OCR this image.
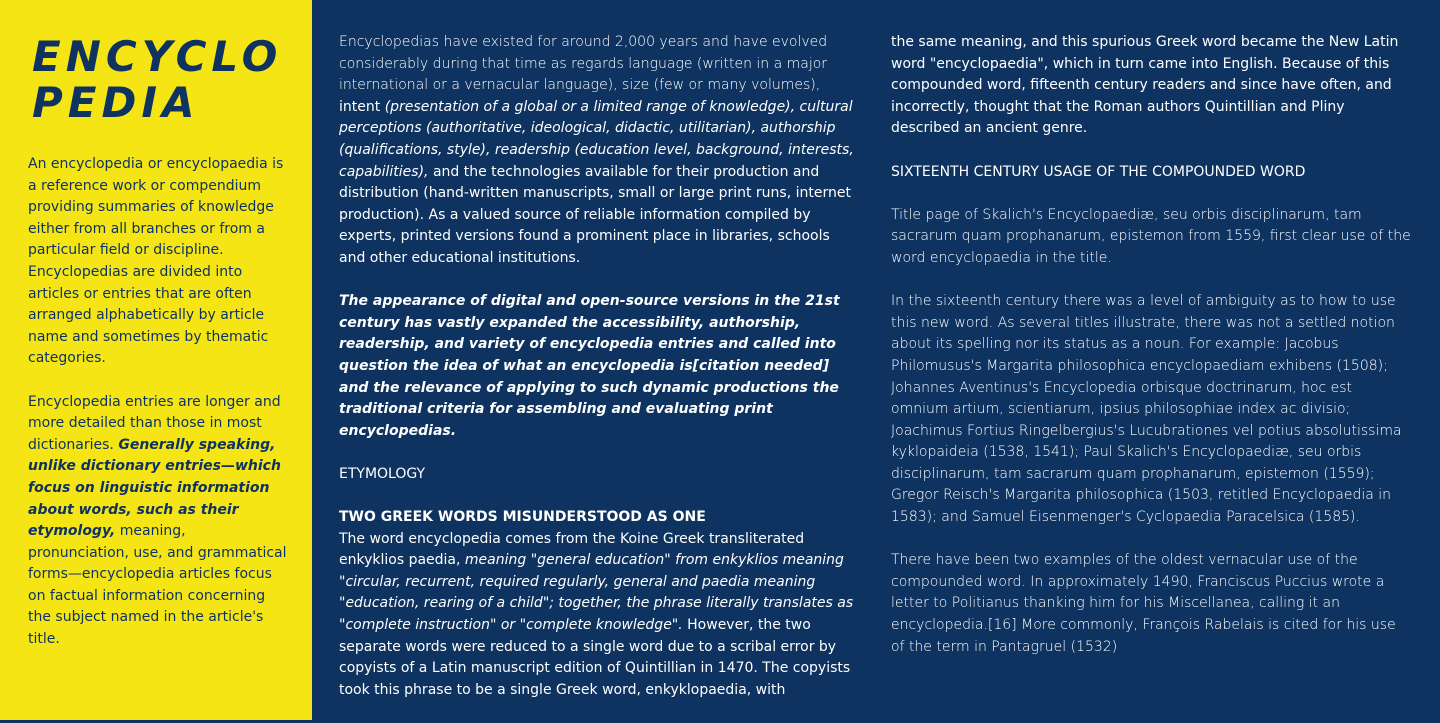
ENCYCLO
PEDIA

An encyclopedia or encyclopaedia is a reference work or compendium providing summaries of knowledge either from all branches or from a particular field or discipline. Encyclopedias are divided into articles or entries that are often arranged alphabetically by article name and sometimes by thematic categories.

Encyclopedia entries are longer and more detailed than those in most dictionaries. Generally speaking, unlike dictionary entries—which focus on linguistic information about words, such as their etymology, meaning, pronunciation, use, and grammatical forms—encyclopedia articles focus on factual information concerning the subject named in the article's title.

Encyclopedias have existed for around 2,000 years and have evolved considerably during that time as regards language (written in a major international or a vernacular language), size (few or many volumes), intent (presentation of a global or a limited range of knowledge), cultural perceptions (authoritative, ideological, didactic, utilitarian), authorship (qualifications, style), readership (education level, background, interests, capabilities), and the technologies available for their production and distribution (hand-written manuscripts, small or large print runs, internet production). As a valued source of reliable information compiled by experts, printed versions found a prominent place in libraries, schools and other educational institutions.

The appearance of digital and open-source versions in the 21st century has vastly expanded the accessibility, authorship, readership, and variety of encyclopedia entries and called into question the idea of what an encyclopedia is[citation needed] and the relevance of applying to such dynamic productions the traditional criteria for assembling and evaluating print encyclopedias.

ETYMOLOGY
TWO GREEK WORDS MISUNDERSTOOD AS ONE

The word encyclopedia comes from the Koine Greek transliterated enkyklios paedia, meaning "general education" from enkyklios meaning "circular, recurrent, required regularly, general and paedia meaning "education, rearing of a child"; together, the phrase literally translates as "complete instruction" or "complete knowledge". However, the two separate words were reduced to a single word due to a scribal error by copyists of a Latin manuscript edition of Quintillian in 1470. The copyists took this phrase to be a single Greek word, enkyklopaedia, with

the same meaning, and this spurious Greek word became the New Latin word "encyclopaedia", which in turn came into English. Because of this compounded word, fifteenth century readers and since have often, and incorrectly, thought that the Roman authors Quintillian and Pliny described an ancient genre.

SIXTEENTH CENTURY USAGE OF THE COMPOUNDED WORD

Title page of Skalich's Encyclopaediæ, seu orbis disciplinarum, tam sacrarum quam prophanarum, epistemon from 1559, first clear use of the word encyclopaedia in the title.

In the sixteenth century there was a level of ambiguity as to how to use this new word. As several titles illustrate, there was not a settled notion about its spelling nor its status as a noun. For example: Jacobus Philomusus's Margarita philosophica encyclopaediam exhibens (1508); Johannes Aventinus's Encyclopedia orbisque doctrinarum, hoc est omnium artium, scientiarum, ipsius philosophiae index ac divisio; Joachimus Fortius Ringelbergius's Lucubrationes vel potius absolutissima kyklopaideia (1538, 1541); Paul Skalich's Encyclopaediæ, seu orbis disciplinarum, tam sacrarum quam prophanarum, epistemon (1559); Gregor Reisch's Margarita philosophica (1503, retitled Encyclopaedia in 1583); and Samuel Eisenmenger's Cyclopaedia Paracelsica (1585).

There have been two examples of the oldest vernacular use of the compounded word. In approximately 1490, Franciscus Puccius wrote a letter to Politianus thanking him for his Miscellanea, calling it an encyclopedia.[16] More commonly, François Rabelais is cited for his use of the term in Pantagruel (1532)
